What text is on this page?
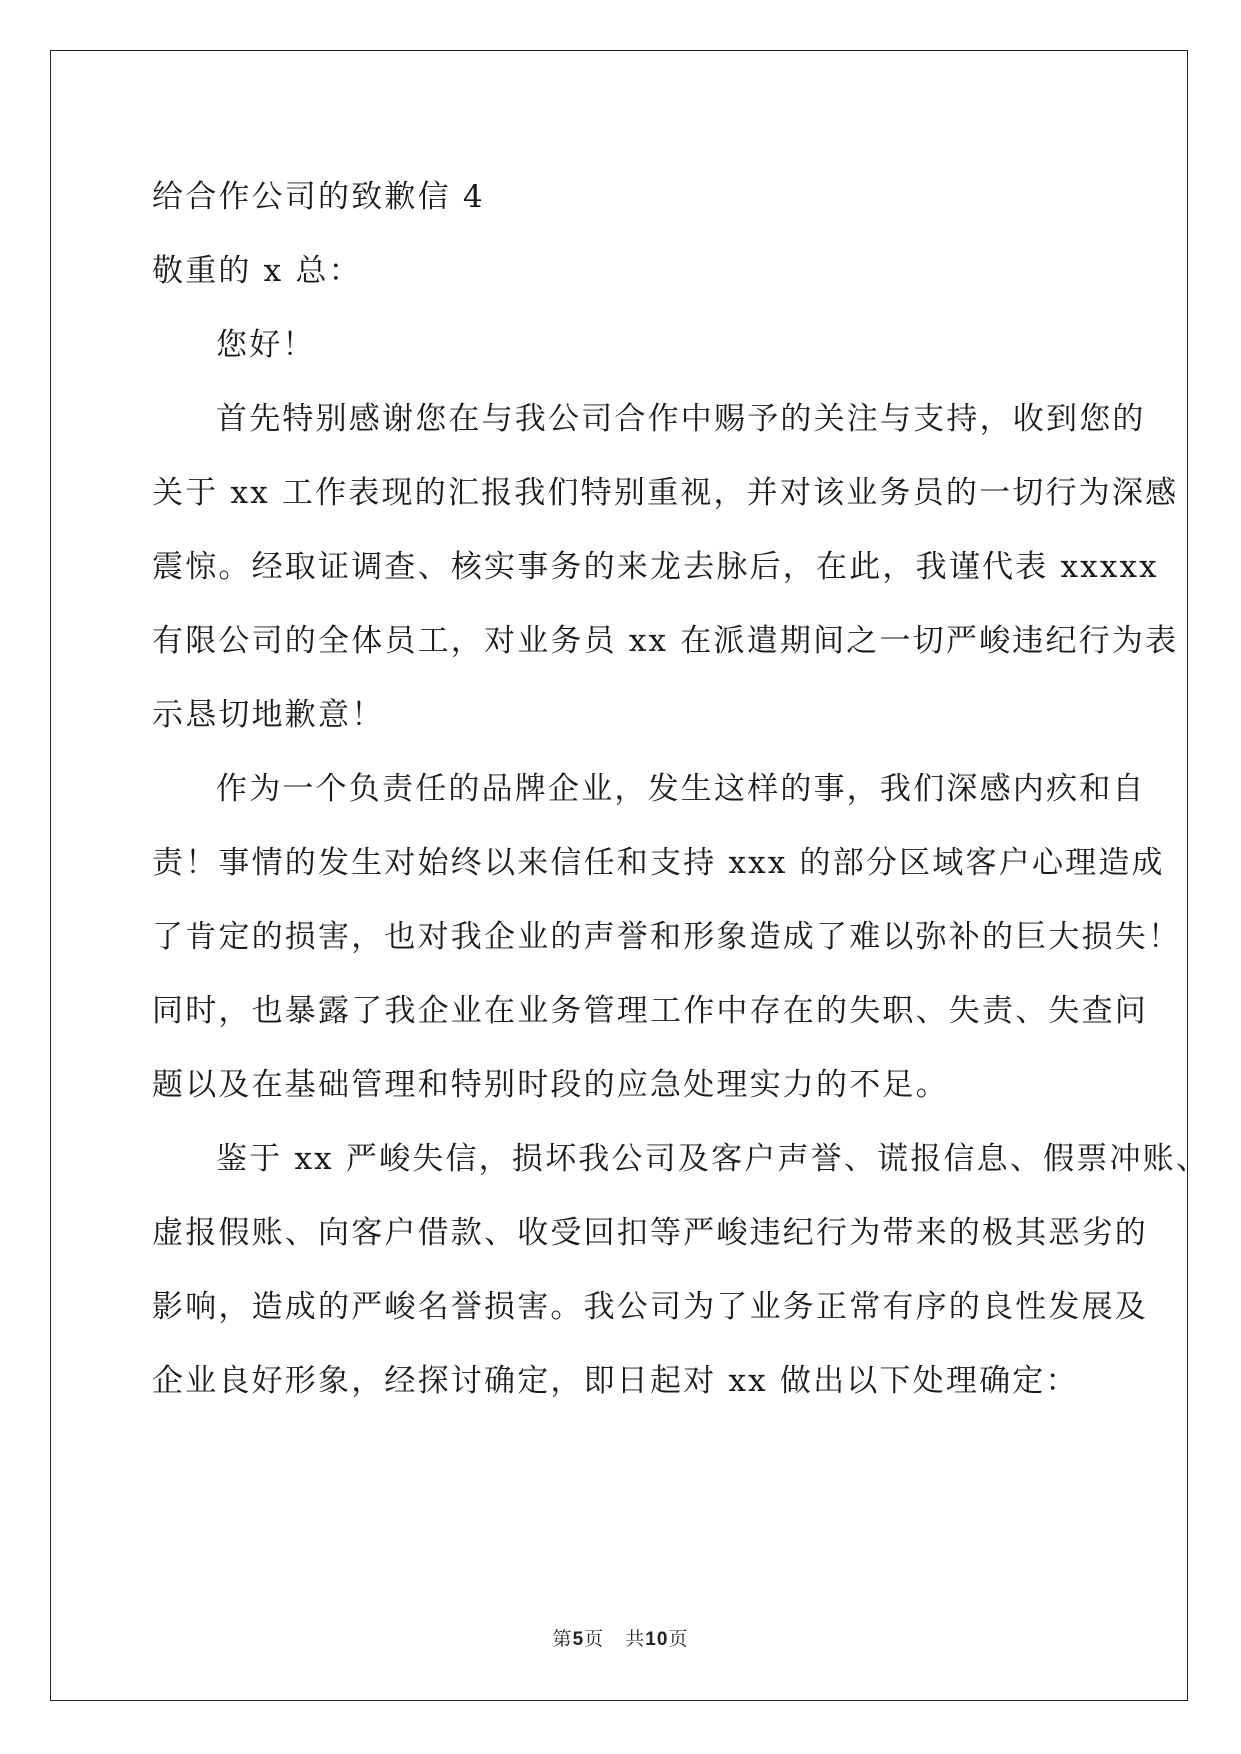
给合作公司的致歉信 4
敬重的 x 总：
您好！
首先特别感谢您在与我公司合作中赐予的关注与支持，收到您的
关于 xx 工作表现的汇报我们特别重视，并对该业务员的一切行为深感
震惊。经取证调查、核实事务的来龙去脉后，在此，我谨代表 xxxxx
有限公司的全体员工，对业务员 xx 在派遣期间之一切严峻违纪行为表
示恳切地歉意！
作为一个负责任的品牌企业，发生这样的事，我们深感内疚和自
责！事情的发生对始终以来信任和支持 xxx 的部分区域客户心理造成
了肯定的损害，也对我企业的声誉和形象造成了难以弥补的巨大损失！
同时，也暴露了我企业在业务管理工作中存在的失职、失责、失查问
题以及在基础管理和特别时段的应急处理实力的不足。
鉴于 xx 严峻失信，损坏我公司及客户声誉、谎报信息、假票冲账、
虚报假账、向客户借款、收受回扣等严峻违纪行为带来的极其恶劣的
影响，造成的严峻名誉损害。我公司为了业务正常有序的良性发展及
企业良好形象，经探讨确定，即日起对 xx 做出以下处理确定：
第5页 共10页
